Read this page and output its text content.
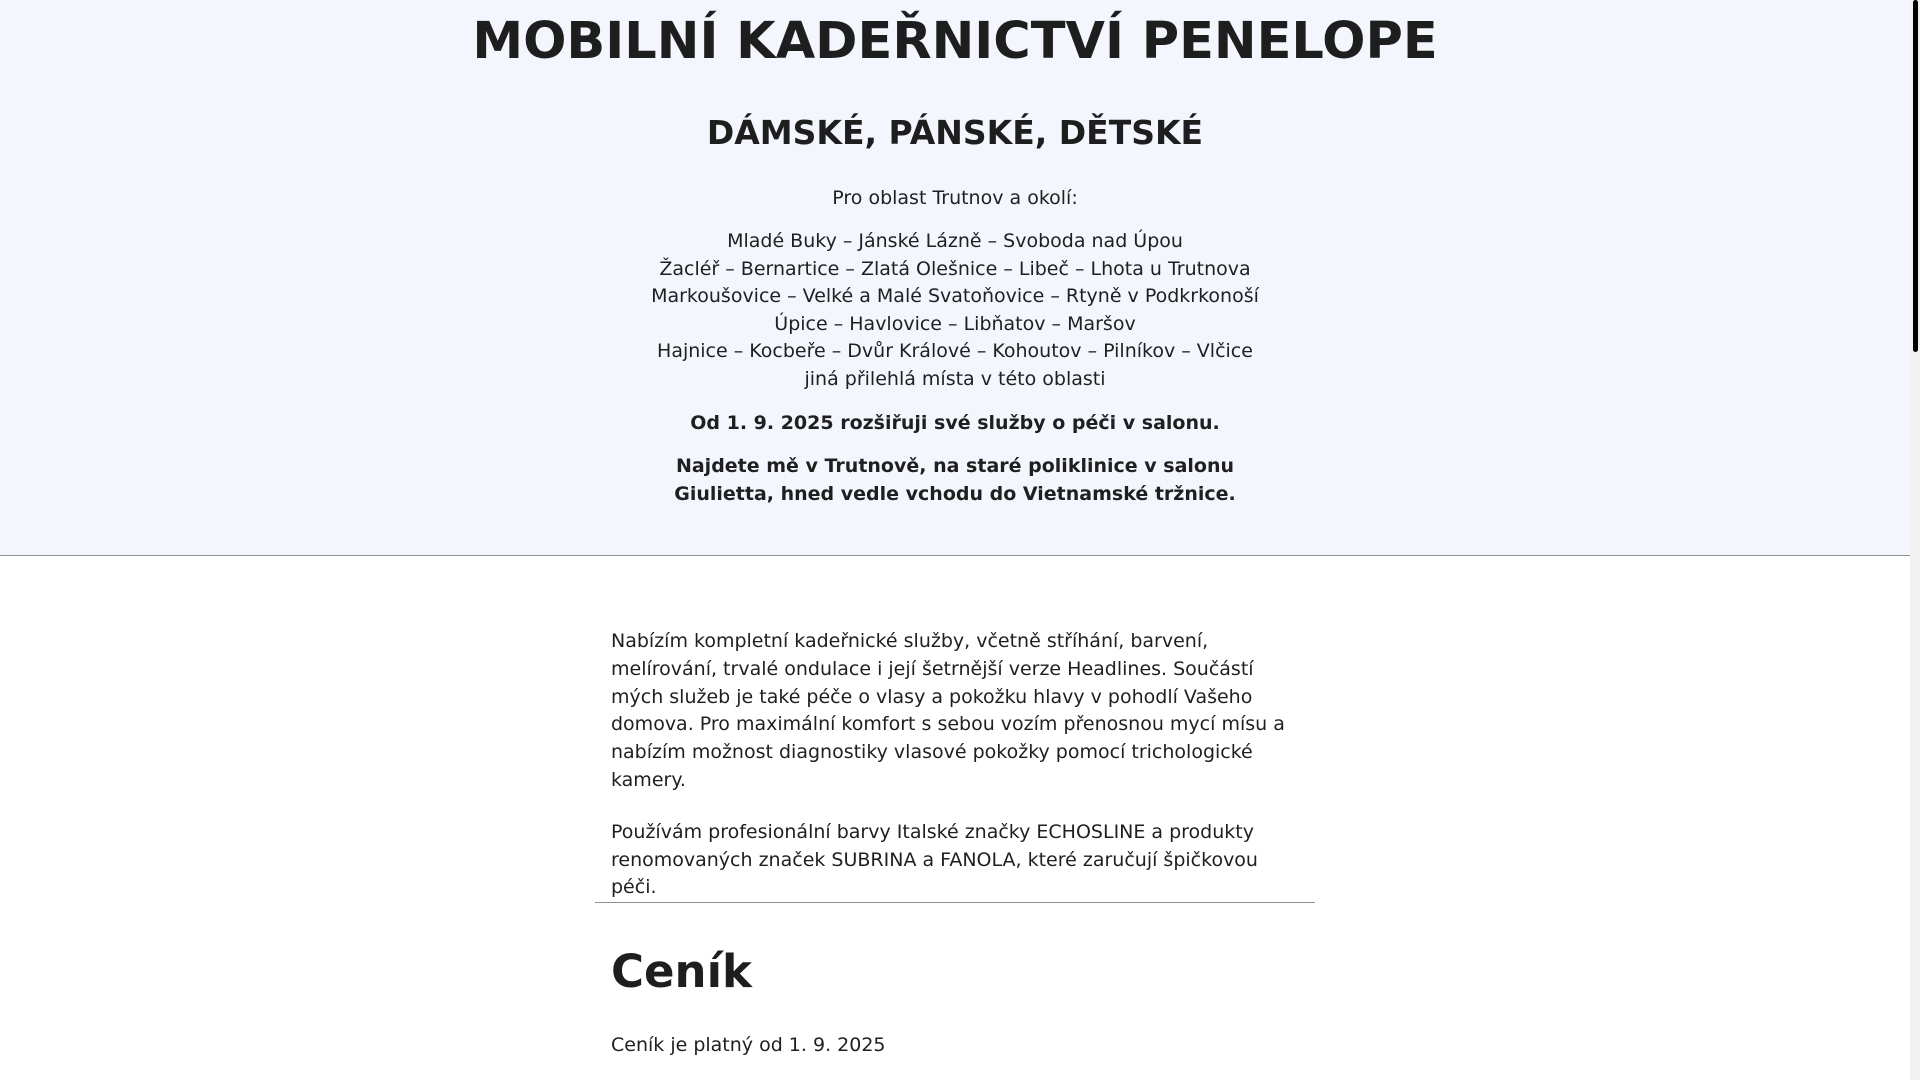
MOBILNÍ KADEŘNICTVÍ PENELOPE
DÁMSKÉ, PÁNSKÉ, DĚTSKÉ

Pro oblast Trutnov a okolí:

Mladé Buky – Jánské Lázně – Svoboda nad Úpou
Žacléř – Bernartice – Zlatá Olešnice – Libeč – Lhota u Trutnova
Markoušovice – Velké a Malé Svatoňovice – Rtyně v Podkrkonoší
Úpice – Havlovice – Libňatov – Maršov
Hajnice – Kocbeře – Dvůr Králové – Kohoutov – Pilníkov – Vlčice
jiná přilehlá místa v této oblasti

Od 1. 9. 2025 rozšiřuji své služby o péči v salonu.

Najdete mě v Trutnově, na staré poliklinice v salonu Giulietta, hned vedle vchodu do Vietnamské tržnice.

Nabízím kompletní kadeřnické služby, včetně stříhání, barvení, melírování, trvalé ondulace i její šetrnější verze Headlines. Součástí mých služeb je také péče o vlasy a pokožku hlavy v pohodlí Vašeho domova. Pro maximální komfort s sebou vozím přenosnou mycí mísu a nabízím možnost diagnostiky vlasové pokožky pomocí trichologické kamery.

Používám profesionální barvy Italské značky ECHOSLINE a produkty renomovaných značek SUBRINA a FANOLA, které zaručují špičkovou péči.

Ceník

Ceník je platný od 1. 9. 2025
